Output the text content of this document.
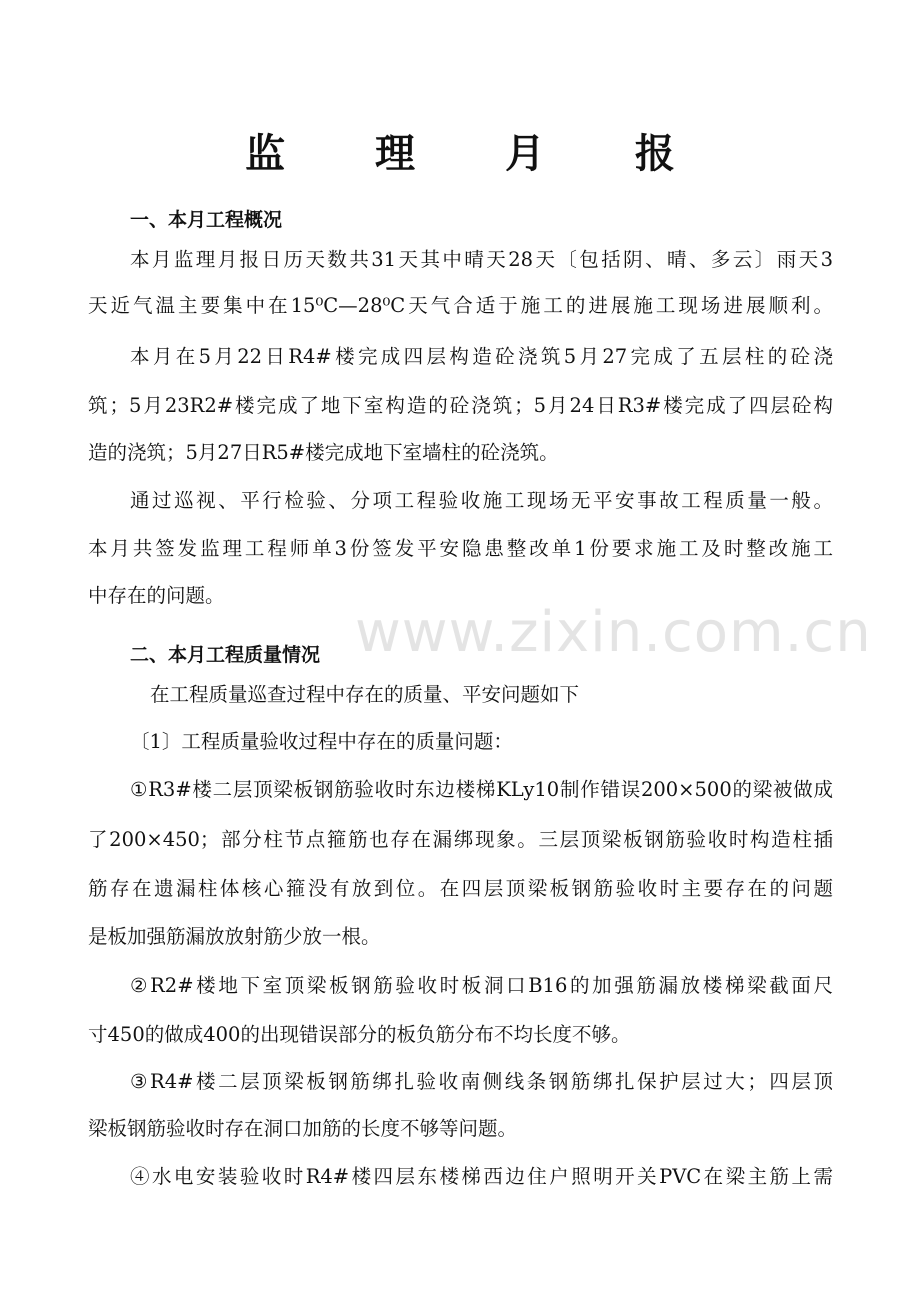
监 理 月 报
一、本月工程概况
本月监理月报日历天数共31天其中晴天28天〔包括阴、晴、多云〕雨天3
天近气温主要集中在15⁰C—28⁰C天气合适于施工的进展施工现场进展顺利。
本月在5月22日R4#楼完成四层构造砼浇筑5月27完成了五层柱的砼浇
筑；5月23R2#楼完成了地下室构造的砼浇筑；5月24日R3#楼完成了四层砼构
造的浇筑；5月27日R5#楼完成地下室墙柱的砼浇筑。
通过巡视、平行检验、分项工程验收施工现场无平安事故工程质量一般。
本月共签发监理工程师单3份签发平安隐患整改单1份要求施工及时整改施工
中存在的问题。
二、本月工程质量情况
在工程质量巡查过程中存在的质量、平安问题如下
〔1〕工程质量验收过程中存在的质量问题：
①R3#楼二层顶梁板钢筋验收时东边楼梯KLy10制作错误200×500的梁被做成
了200×450；部分柱节点箍筋也存在漏绑现象。三层顶梁板钢筋验收时构造柱插
筋存在遗漏柱体核心箍没有放到位。在四层顶梁板钢筋验收时主要存在的问题
是板加强筋漏放放射筋少放一根。
②R2#楼地下室顶梁板钢筋验收时板洞口B16的加强筋漏放楼梯梁截面尺
寸450的做成400的出现错误部分的板负筋分布不均长度不够。
③R4#楼二层顶梁板钢筋绑扎验收南侧线条钢筋绑扎保护层过大；四层顶
梁板钢筋验收时存在洞口加筋的长度不够等问题。
④水电安装验收时R4#楼四层东楼梯西边住户照明开关PVC在梁主筋上需
www.zixin.com.cn
